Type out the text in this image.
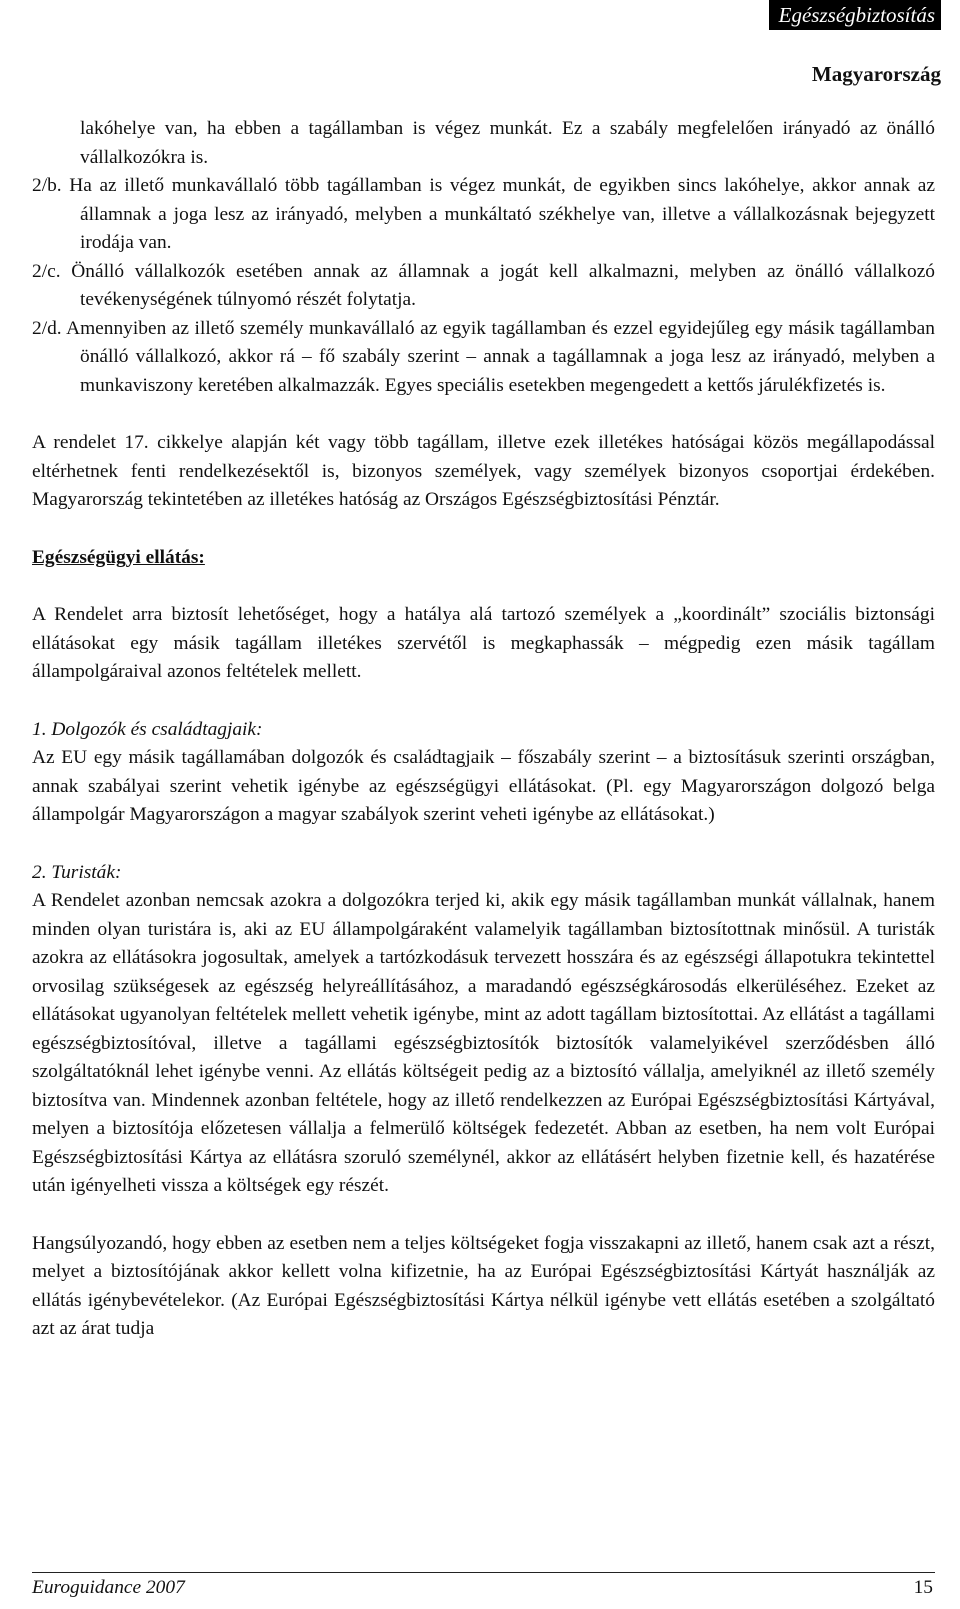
Egészségbiztosítás
Magyarország

lakóhelye van, ha ebben a tagállamban is végez munkát. Ez a szabály megfelelően irányadó az önálló vállalkozókra is.

2/b. Ha az illető munkavállaló több tagállamban is végez munkát, de egyikben sincs lakóhelye, akkor annak az államnak a joga lesz az irányadó, melyben a munkáltató székhelye van, illetve a vállalkozásnak bejegyzett irodája van.

2/c. Önálló vállalkozók esetében annak az államnak a jogát kell alkalmazni, melyben az önálló vállalkozó tevékenységének túlnyomó részét folytatja.

2/d. Amennyiben az illető személy munkavállaló az egyik tagállamban és ezzel egyidejűleg egy másik tagállamban önálló vállalkozó, akkor rá – fő szabály szerint – annak a tagállamnak a joga lesz az irányadó, melyben a munkaviszony keretében alkalmazzák. Egyes speciális esetekben megengedett a kettős járulékfizetés is.

A rendelet 17. cikkelye alapján két vagy több tagállam, illetve ezek illetékes hatóságai közös megállapodással eltérhetnek fenti rendelkezésektől is, bizonyos személyek, vagy személyek bizonyos csoportjai érdekében. Magyarország tekintetében az illetékes hatóság az Országos Egészségbiztosítási Pénztár.

Egészségügyi ellátás:

A Rendelet arra biztosít lehetőséget, hogy a hatálya alá tartozó személyek a „koordinált” szociális biztonsági ellátásokat egy másik tagállam illetékes szervétől is megkaphassák – mégpedig ezen másik tagállam állampolgáraival azonos feltételek mellett.

1. Dolgozók és családtagjaik:

Az EU egy másik tagállamában dolgozók és családtagjaik – főszabály szerint – a biztosításuk szerinti országban, annak szabályai szerint vehetik igénybe az egészségügyi ellátásokat. (Pl. egy Magyarországon dolgozó belga állampolgár Magyarországon a magyar szabályok szerint veheti igénybe az ellátásokat.)

2. Turisták:

A Rendelet azonban nemcsak azokra a dolgozókra terjed ki, akik egy másik tagállamban munkát vállalnak, hanem minden olyan turistára is, aki az EU állampolgáraként valamelyik tagállamban biztosítottnak minősül. A turisták azokra az ellátásokra jogosultak, amelyek a tartózkodásuk tervezett hosszára és az egészségi állapotukra tekintettel orvosilag szükségesek az egészség helyreállításához, a maradandó egészségkárosodás elkerüléséhez. Ezeket az ellátásokat ugyanolyan feltételek mellett vehetik igénybe, mint az adott tagállam biztosítottai. Az ellátást a tagállami egészségbiztosítóval, illetve a tagállami egészségbiztosítók biztosítók valamelyikével szerződésben álló szolgáltatóknál lehet igénybe venni. Az ellátás költségeit pedig az a biztosító vállalja, amelyiknél az illető személy biztosítva van. Mindennek azonban feltétele, hogy az illető rendelkezzen az Európai Egészségbiztosítási Kártyával, melyen a biztosítója előzetesen vállalja a felmerülő költségek fedezetét. Abban az esetben, ha nem volt Európai Egészségbiztosítási Kártya az ellátásra szoruló személynél, akkor az ellátásért helyben fizetnie kell, és hazatérése után igényelheti vissza a költségek egy részét.

Hangsúlyozandó, hogy ebben az esetben nem a teljes költségeket fogja visszakapni az illető, hanem csak azt a részt, melyet a biztosítójának akkor kellett volna kifizetnie, ha az Európai Egészségbiztosítási Kártyát használják az ellátás igénybevételekor. (Az Európai Egészségbiztosítási Kártya nélkül igénybe vett ellátás esetében a szolgáltató azt az árat tudja

Euroguidance 2007	15
